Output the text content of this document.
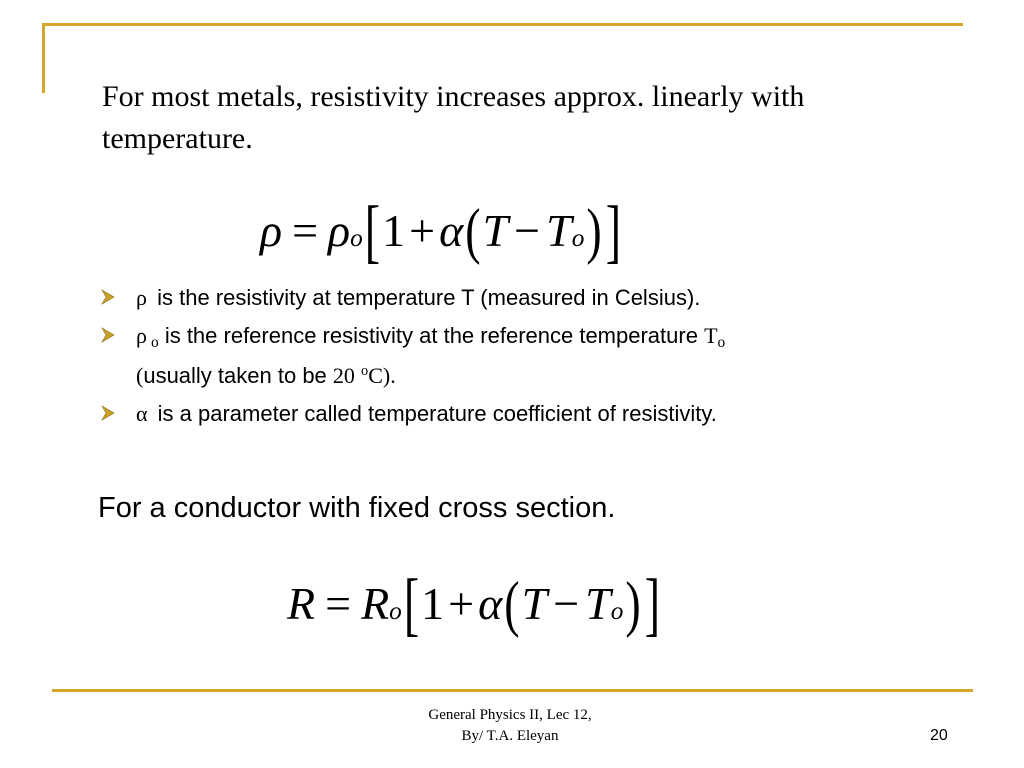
For most metals, resistivity increases approx. linearly with temperature.
$\rho = \rho_o$ [ 1 + α ( $T - T_o$ ) ]
ρ is the resistivity at temperature T (measured in Celsius).
ρ $_o$ is the reference resistivity at the reference temperature $T_o$
(usually taken to be 20 $^o$C).
α is a parameter called temperature coefficient of resistivity.
For a conductor with fixed cross section.
$R = R_o$ [ 1 + α ( $T - T_o$ ) ]
General Physics II, Lec 12,
By/ T.A. Eleyan	20
